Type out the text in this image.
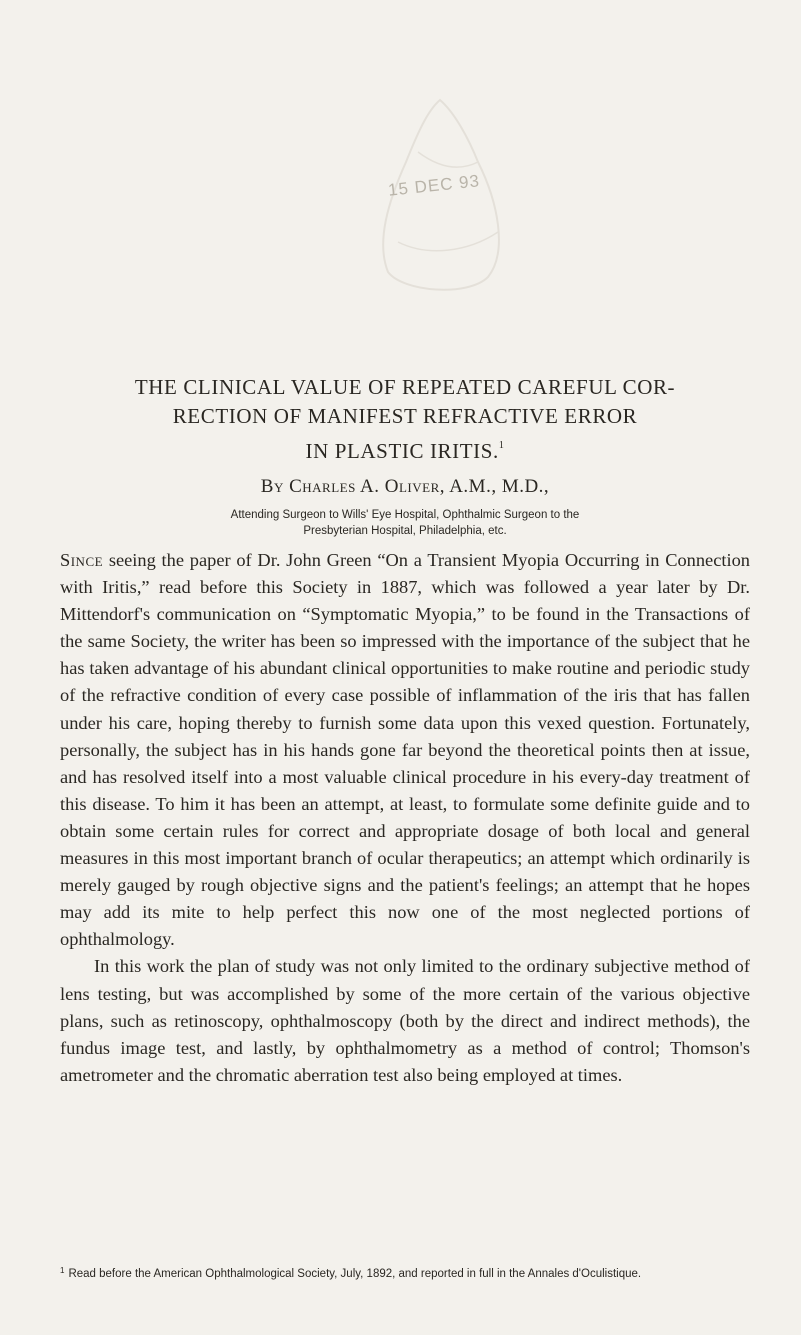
15 DEC 93
THE CLINICAL VALUE OF REPEATED CAREFUL COR-
RECTION OF MANIFEST REFRACTIVE ERROR
IN PLASTIC IRITIS.$^1$
By Charles A. Oliver, A.M., M.D.,
Attending Surgeon to Wills' Eye Hospital, Ophthalmic Surgeon to the
Presbyterian Hospital, Philadelphia, etc.

Since seeing the paper of Dr. John Green “On a Transient Myopia Occurring in Connection with Iritis,” read before this Society in 1887, which was followed a year later by Dr. Mittendorf's communication on “Symptomatic Myopia,” to be found in the Transactions of the same Society, the writer has been so impressed with the importance of the subject that he has taken advantage of his abundant clinical opportunities to make routine and periodic study of the refractive condition of every case possible of inflammation of the iris that has fallen under his care, hoping thereby to furnish some data upon this vexed question. Fortunately, personally, the subject has in his hands gone far beyond the theoretical points then at issue, and has resolved itself into a most valuable clinical procedure in his every-day treatment of this disease. To him it has been an attempt, at least, to formulate some definite guide and to obtain some certain rules for correct and appropriate dosage of both local and general measures in this most important branch of ocular therapeutics; an attempt which ordinarily is merely gauged by rough objective signs and the patient's feelings; an attempt that he hopes may add its mite to help perfect this now one of the most neglected portions of ophthalmology.

In this work the plan of study was not only limited to the ordinary subjective method of lens testing, but was accomplished by some of the more certain of the various objective plans, such as retinoscopy, ophthalmoscopy (both by the direct and indirect methods), the fundus image test, and lastly, by ophthalmometry as a method of control; Thomson's ametrometer and the chromatic aberration test also being employed at times.

$^1$ Read before the American Ophthalmological Society, July, 1892, and reported in full in the Annales d'Oculistique.
